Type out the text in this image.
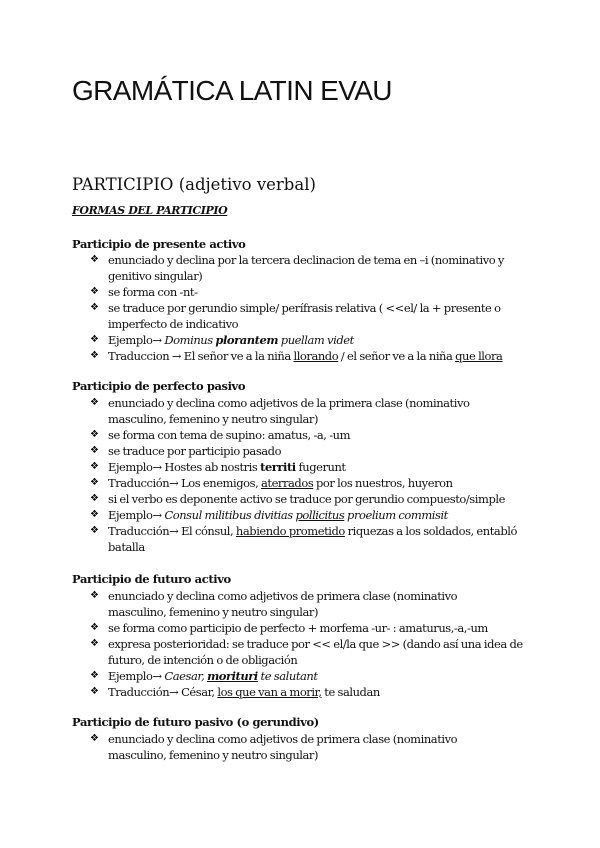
GRAMÁTICA LATIN EVAU
PARTICIPIO (adjetivo verbal)
FORMAS DEL PARTICIPIO
Participio de presente activo
❖ enunciado y declina por la tercera declinacion de tema en –i (nominativo y
genitivo singular)
❖ se forma con -nt-
❖ se traduce por gerundio simple/ perífrasis relativa ( <<el/ la + presente o
imperfecto de indicativo
❖ Ejemplo→ Dominus plorantem puellam videt
❖ Traduccion → El señor ve a la niña llorando / el señor ve a la niña que llora
Participio de perfecto pasivo
❖ enunciado y declina como adjetivos de la primera clase (nominativo
masculino, femenino y neutro singular)
❖ se forma con tema de supino: amatus, -a, -um
❖ se traduce por participio pasado
❖ Ejemplo→ Hostes ab nostris territi fugerunt
❖ Traducción→ Los enemigos, aterrados por los nuestros, huyeron
❖ si el verbo es deponente activo se traduce por gerundio compuesto/simple
❖ Ejemplo→ Consul militibus divitias pollicitus proelium commisit
❖ Traducción→ El cónsul, habiendo prometido riquezas a los soldados, entabló
batalla
Participio de futuro activo
❖ enunciado y declina como adjetivos de primera clase (nominativo
masculino, femenino y neutro singular)
❖ se forma como participio de perfecto + morfema -ur- : amaturus,-a,-um
❖ expresa posterioridad: se traduce por << el/la que >> (dando así una idea de
futuro, de intención o de obligación
❖ Ejemplo→ Caesar, morituri te salutant
❖ Traducción→ César, los que van a morir, te saludan
Participio de futuro pasivo (o gerundivo)
❖ enunciado y declina como adjetivos de primera clase (nominativo
masculino, femenino y neutro singular)
